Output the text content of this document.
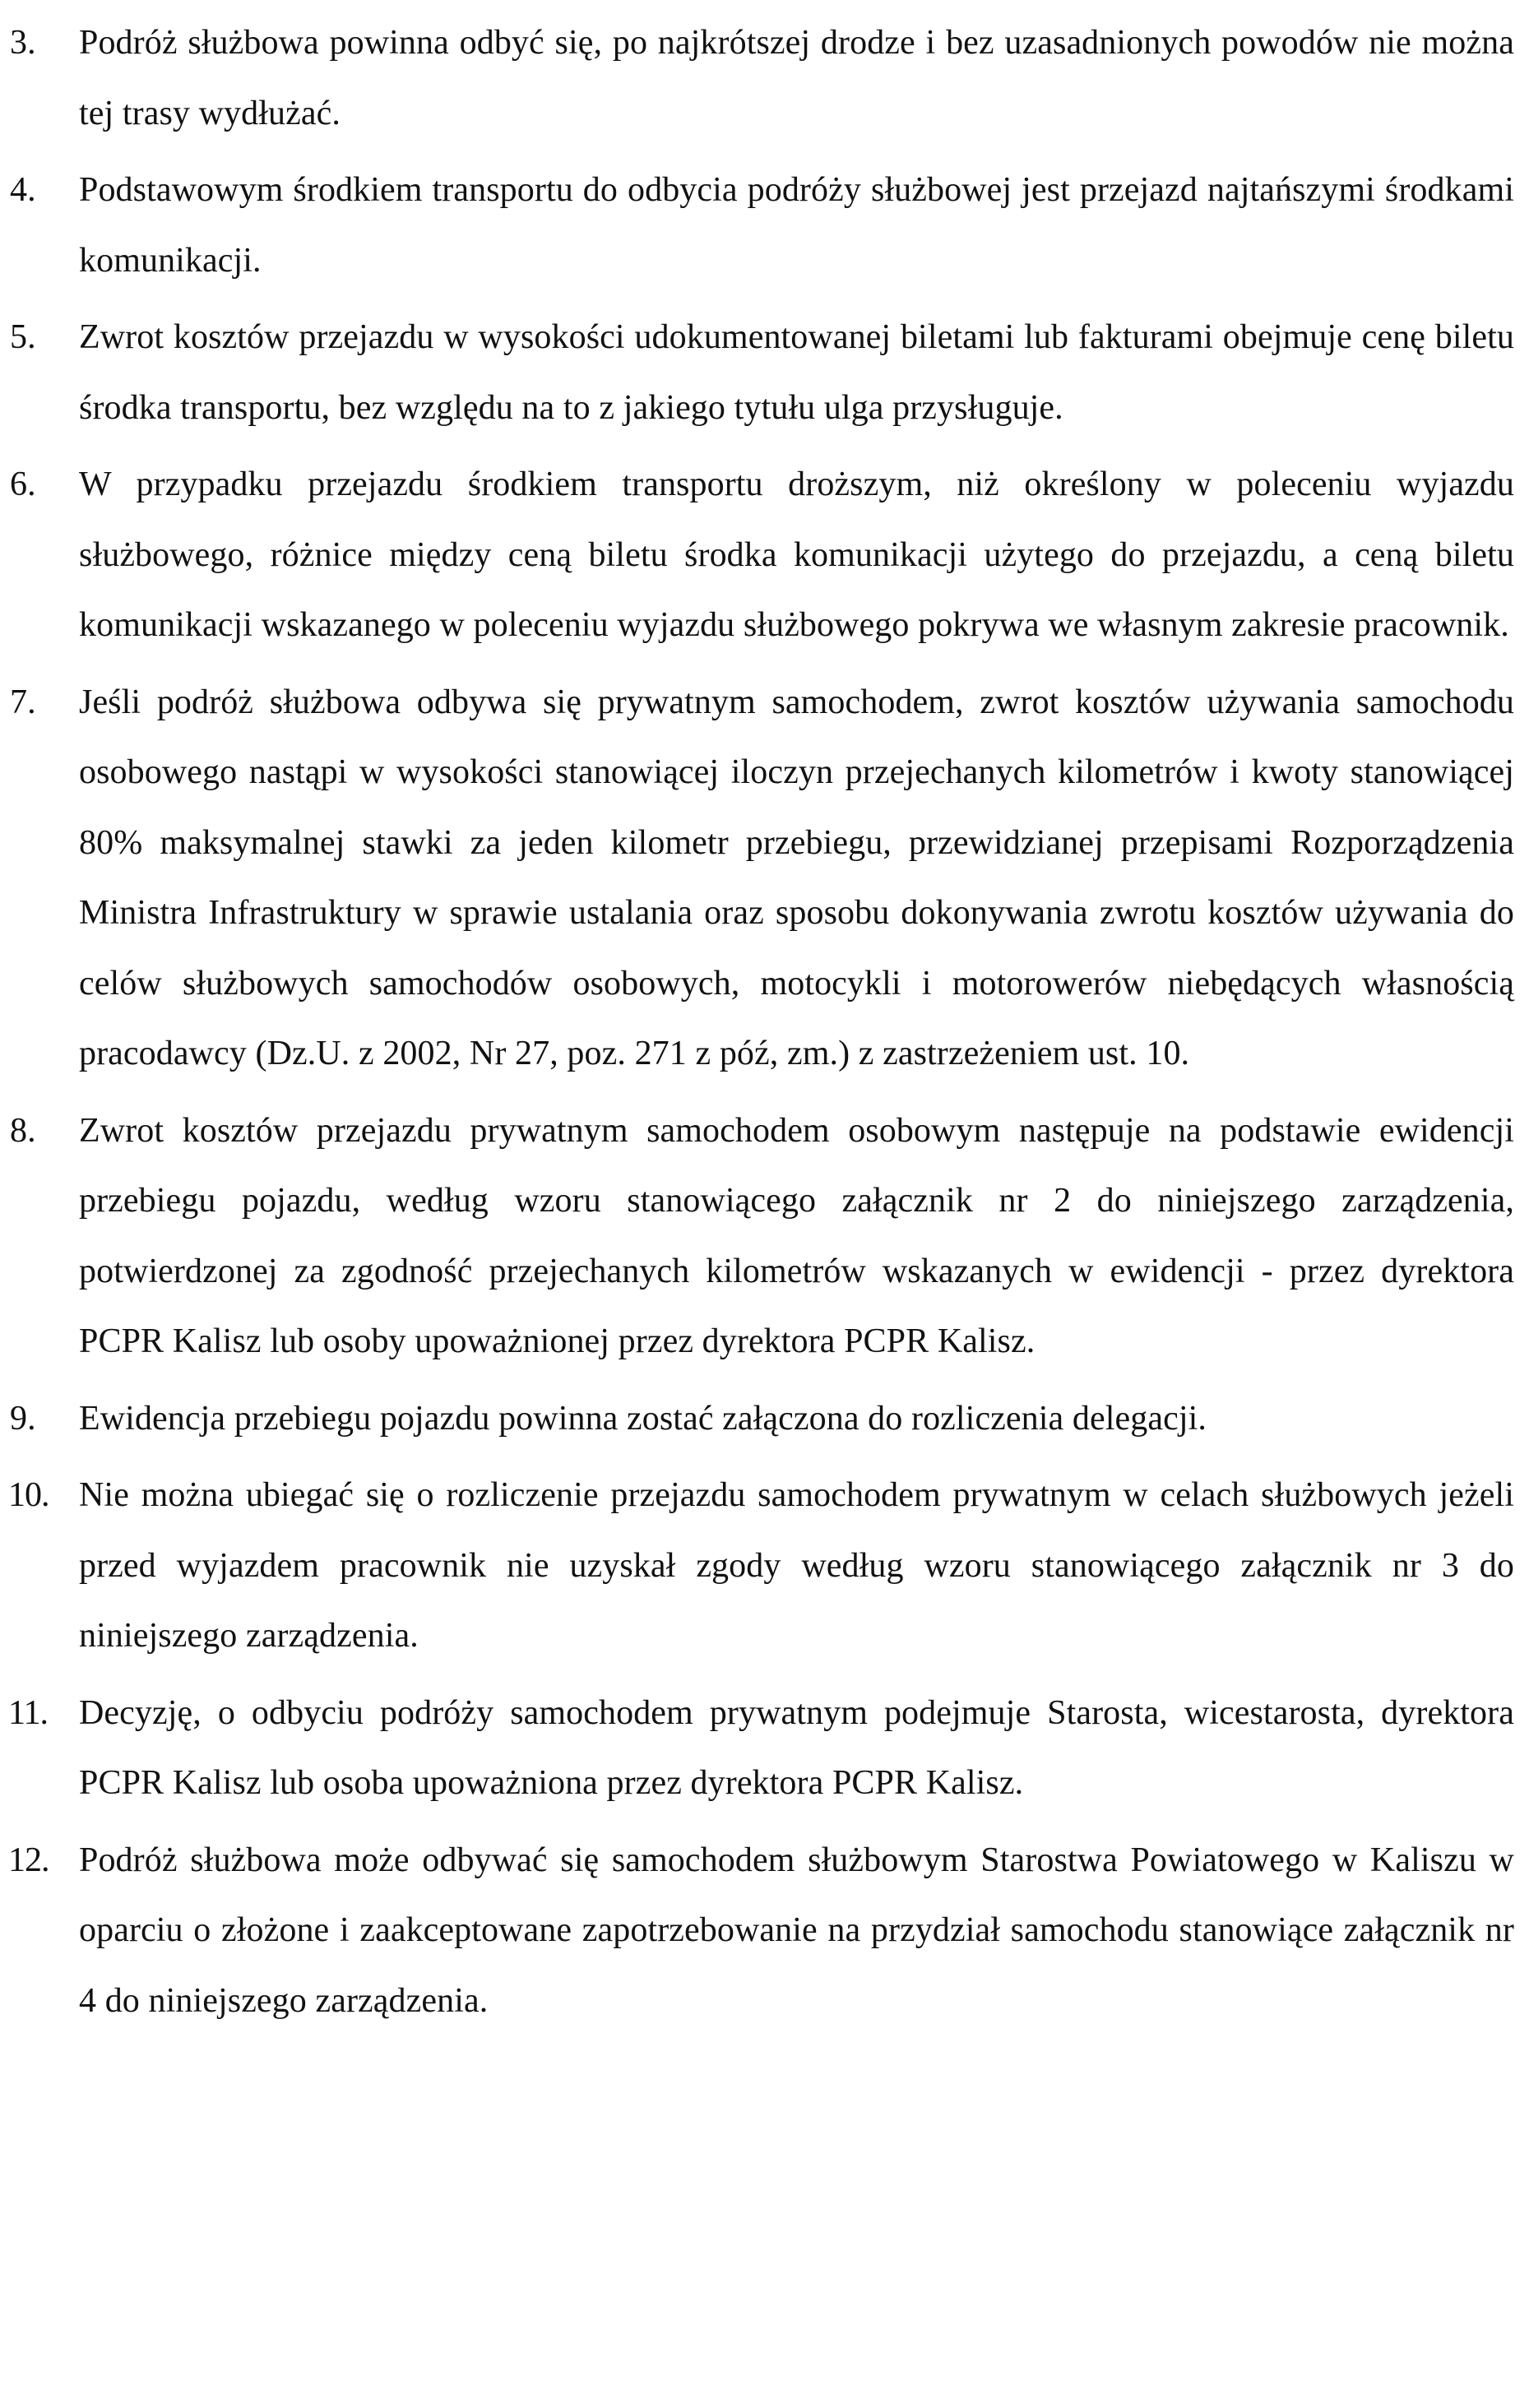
3.	Podróż służbowa powinna odbyć się, po najkrótszej drodze i bez uzasadnionych powodów nie można tej trasy wydłużać.
4.	Podstawowym środkiem transportu do odbycia podróży służbowej jest przejazd najtańszymi środkami komunikacji.
5.	Zwrot kosztów przejazdu w wysokości udokumentowanej biletami lub fakturami obejmuje cenę biletu środka transportu, bez względu na to z jakiego tytułu ulga przysługuje.
6.	W przypadku przejazdu środkiem transportu droższym, niż określony w poleceniu wyjazdu służbowego, różnice między ceną biletu środka komunikacji użytego do przejazdu, a ceną biletu komunikacji wskazanego w poleceniu wyjazdu służbowego pokrywa we własnym zakresie pracownik.
7.	Jeśli podróż służbowa odbywa się prywatnym samochodem, zwrot kosztów używania samochodu osobowego nastąpi w wysokości stanowiącej iloczyn przejechanych kilometrów i kwoty stanowiącej 80% maksymalnej stawki za jeden kilometr przebiegu, przewidzianej przepisami Rozporządzenia Ministra Infrastruktury w sprawie ustalania oraz sposobu dokonywania zwrotu kosztów używania do celów służbowych samochodów osobowych, motocykli i motorowerów niebędących własnością pracodawcy (Dz.U. z 2002, Nr 27, poz. 271 z póź, zm.) z zastrzeżeniem ust. 10.
8.	Zwrot kosztów przejazdu prywatnym samochodem osobowym następuje na podstawie ewidencji przebiegu pojazdu, według wzoru stanowiącego załącznik nr 2 do niniejszego zarządzenia, potwierdzonej za zgodność przejechanych kilometrów wskazanych w ewidencji - przez dyrektora PCPR Kalisz lub osoby upoważnionej przez dyrektora PCPR Kalisz.
9.	Ewidencja przebiegu pojazdu powinna zostać załączona do rozliczenia delegacji.
10. Nie można ubiegać się o rozliczenie przejazdu samochodem prywatnym w celach służbowych jeżeli przed wyjazdem pracownik nie uzyskał zgody według wzoru stanowiącego załącznik nr 3 do niniejszego zarządzenia.
11. Decyzję, o odbyciu podróży samochodem prywatnym podejmuje Starosta, wicestarosta, dyrektora PCPR Kalisz lub osoba upoważniona przez dyrektora PCPR Kalisz.
12. Podróż służbowa może odbywać się samochodem służbowym Starostwa Powiatowego w Kaliszu w oparciu o złożone i zaakceptowane zapotrzebowanie na przydział samochodu stanowiące załącznik nr 4 do niniejszego zarządzenia.
